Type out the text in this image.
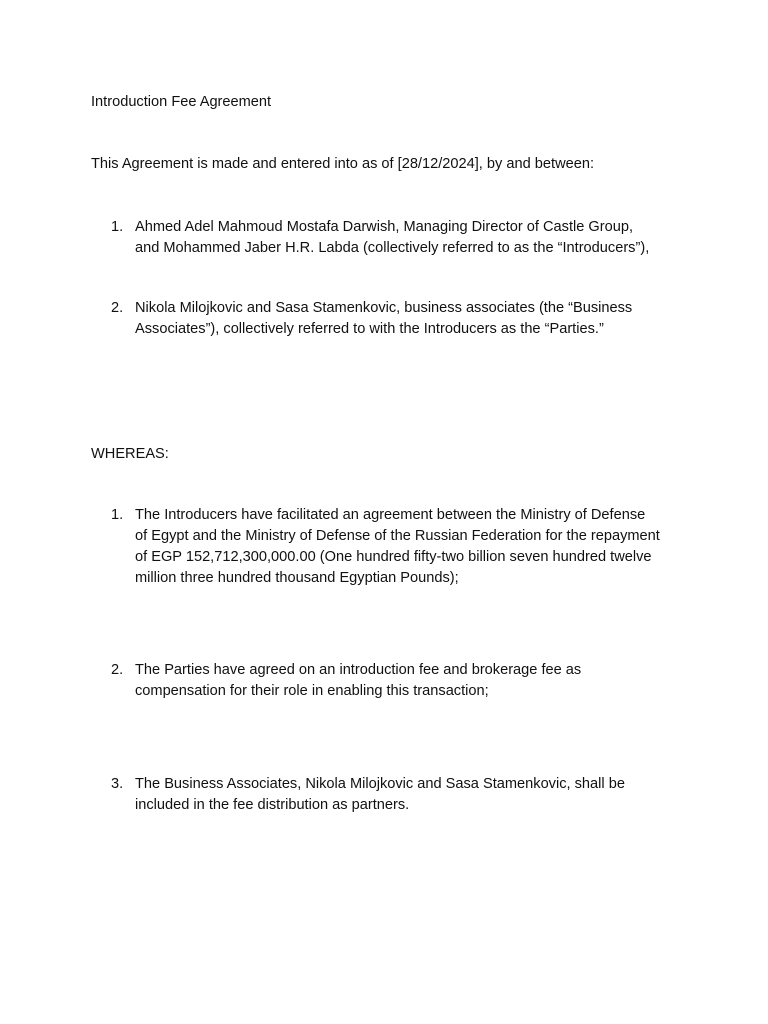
Introduction Fee Agreement
This Agreement is made and entered into as of [28/12/2024], by and between:
1. Ahmed Adel Mahmoud Mostafa Darwish, Managing Director of Castle Group,
and Mohammed Jaber H.R. Labda (collectively referred to as the “Introducers”),
2. Nikola Milojkovic and Sasa Stamenkovic, business associates (the “Business
Associates”), collectively referred to with the Introducers as the “Parties.”
WHEREAS:
1. The Introducers have facilitated an agreement between the Ministry of Defense
of Egypt and the Ministry of Defense of the Russian Federation for the repayment
of EGP 152,712,300,000.00 (One hundred fifty-two billion seven hundred twelve
million three hundred thousand Egyptian Pounds);
2. The Parties have agreed on an introduction fee and brokerage fee as
compensation for their role in enabling this transaction;
3. The Business Associates, Nikola Milojkovic and Sasa Stamenkovic, shall be
included in the fee distribution as partners.
